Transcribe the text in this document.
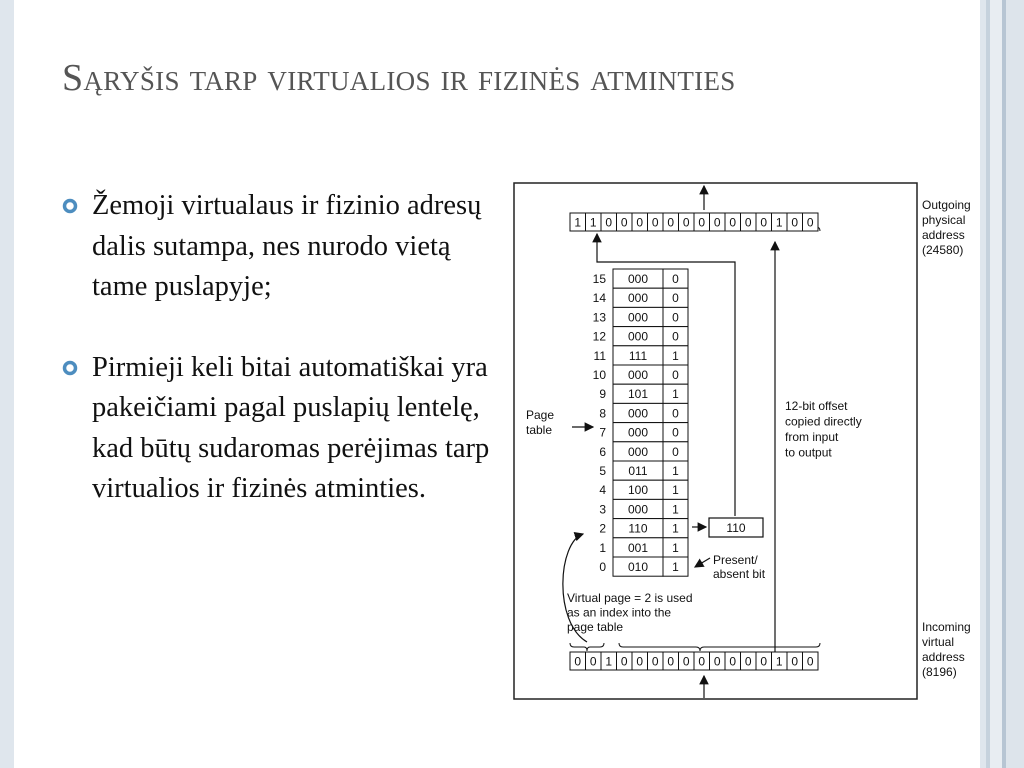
Sąryšis tarp virtualios ir fizinės atminties
Žemoji virtualaus ir fizinio adresų dalis sutampa, nes nurodo vietą tame puslapyje;
Pirmieji keli bitai automatiškai yra pakeičiami pagal puslapių lentelę, kad būtų sudaromas perėjimas tarp virtualios ir fizinės atminties.
1 1 0 0 0 0 0 0 0 0 0 0 0 1 0 0
0 0 1 0 0 0 0 0 0 0 0 0 0 1 0 0
15 000 0
14 000 0
13 000 0
12 000 0
11 111 1
10 000 0
9 101 1
8 000 0
7 000 0
6 000 0
5 011 1
4 100 1
3 000 1
2 110 1
1 001 1
0 010 1
110
Outgoing
physical
address
(24580)
Incoming
virtual
address
(8196)
Page
table
12-bit offset
copied directly
from input
to output
Present/
absent bit
Virtual page = 2 is used
as an index into the
page table
